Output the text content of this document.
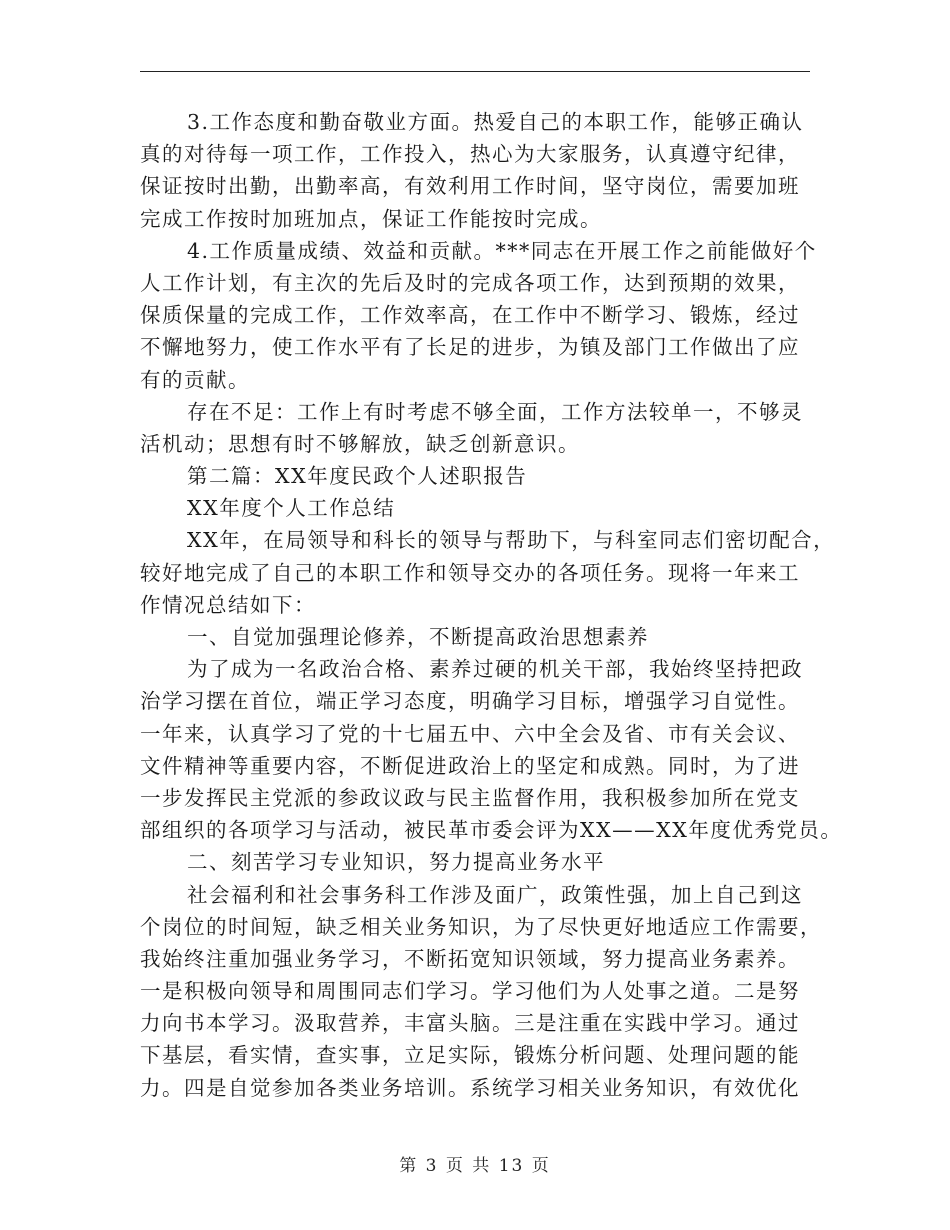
3.工作态度和勤奋敬业方面。热爱自己的本职工作，能够正确认
真的对待每一项工作，工作投入，热心为大家服务，认真遵守纪律，
保证按时出勤，出勤率高，有效利用工作时间，坚守岗位，需要加班
完成工作按时加班加点，保证工作能按时完成。
4.工作质量成绩、效益和贡献。***同志在开展工作之前能做好个
人工作计划，有主次的先后及时的完成各项工作，达到预期的效果，
保质保量的完成工作，工作效率高，在工作中不断学习、锻炼，经过
不懈地努力，使工作水平有了长足的进步，为镇及部门工作做出了应
有的贡献。
存在不足：工作上有时考虑不够全面，工作方法较单一，不够灵
活机动；思想有时不够解放，缺乏创新意识。
第二篇：XX年度民政个人述职报告
XX年度个人工作总结
XX年，在局领导和科长的领导与帮助下，与科室同志们密切配合，
较好地完成了自己的本职工作和领导交办的各项任务。现将一年来工
作情况总结如下：
一、自觉加强理论修养，不断提高政治思想素养
为了成为一名政治合格、素养过硬的机关干部，我始终坚持把政
治学习摆在首位，端正学习态度，明确学习目标，增强学习自觉性。
一年来，认真学习了党的十七届五中、六中全会及省、市有关会议、
文件精神等重要内容，不断促进政治上的坚定和成熟。同时，为了进
一步发挥民主党派的参政议政与民主监督作用，我积极参加所在党支
部组织的各项学习与活动，被民革市委会评为XX——XX年度优秀党员。
二、刻苦学习专业知识，努力提高业务水平
社会福利和社会事务科工作涉及面广，政策性强，加上自己到这
个岗位的时间短，缺乏相关业务知识，为了尽快更好地适应工作需要，
我始终注重加强业务学习，不断拓宽知识领域，努力提高业务素养。
一是积极向领导和周围同志们学习。学习他们为人处事之道。二是努
力向书本学习。汲取营养，丰富头脑。三是注重在实践中学习。通过
下基层，看实情，查实事，立足实际，锻炼分析问题、处理问题的能
力。四是自觉参加各类业务培训。系统学习相关业务知识，有效优化
第 3 页 共 13 页
